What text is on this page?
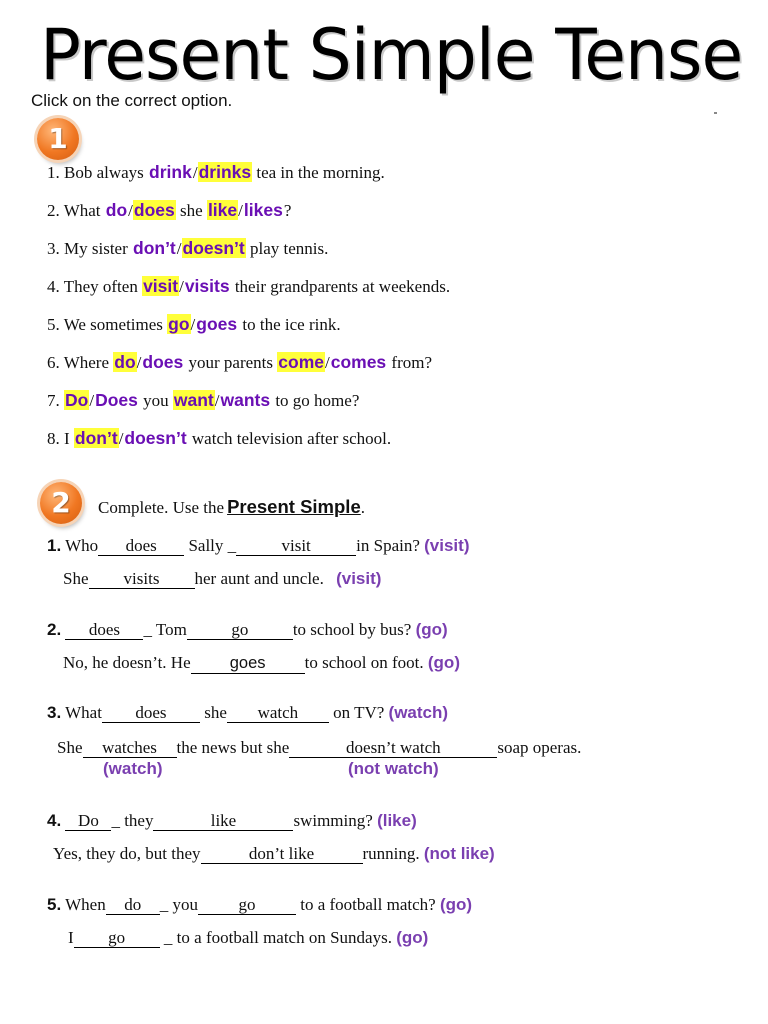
Present Simple Tense
Click on the correct option.
1
1. Bob always drink/drinks tea in the morning.
2. What do/does she like/likes?
3. My sister don’t/doesn’t play tennis.
4. They often visit/visits their grandparents at weekends.
5. We sometimes go/goes to the ice rink.
6. Where do/does your parents come/comes from?
7. Do/Does you want/wants to go home?
8. I don’t/doesn’t watch television after school.
2	Complete. Use the Present Simple.
1. Who does Sally _	visit	in Spain? (visit)
She visits her aunt and uncle. (visit)
2. does _ Tom	go	to school by bus? (go)
No, he doesn’t. He goes to school on foot. (go)
3. What does she watch on TV? (watch)
She watches the news but she	doesn’t watch	soap operas.
(watch)	(not watch)
4. Do _ they	like	swimming? (like)
Yes, they do, but they	don’t like	running. (not like)
5. When do _ you go	to a football match? (go)
I go _ to a football match on Sundays. (go)
